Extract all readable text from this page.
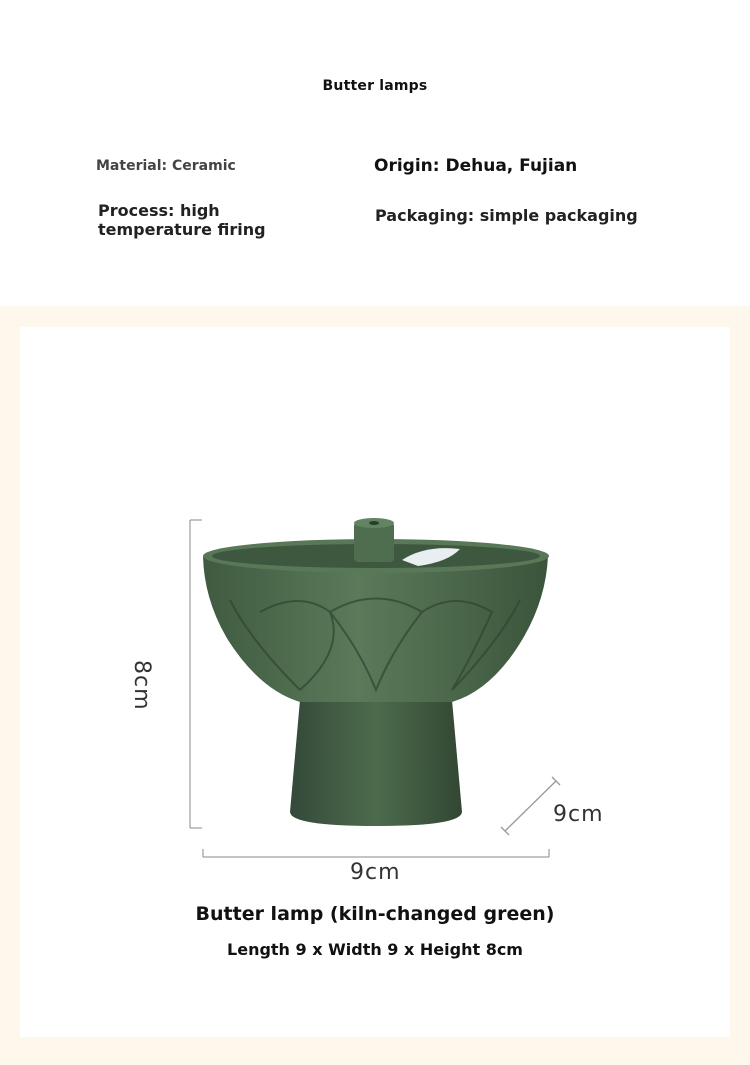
Butter lamps
Material: Ceramic	Origin: Dehua, Fujian
Process: high temperature firing
Packaging: simple packaging
8cm
9cm
9cm
Butter lamp (kiln-changed green)
Length 9 x Width 9 x Height 8cm
